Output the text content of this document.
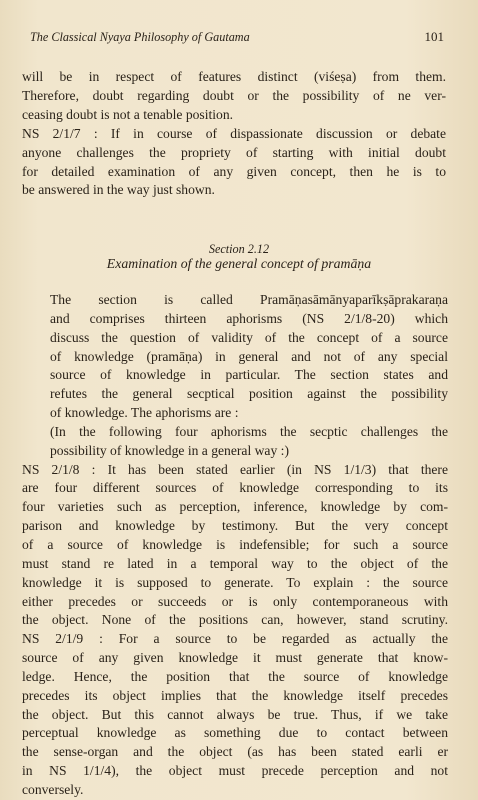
The Classical Nyaya Philosophy of Gautama	101
will be in respect of features distinct (viśeṣa) from them.
Therefore, doubt regarding doubt or the possibility of ne ver-
ceasing doubt is not a tenable position.
NS 2/1/7 : If in course of dispassionate discussion or debate
anyone challenges the propriety of starting with initial doubt
for detailed examination of any given concept, then he is to
be answered in the way just shown.
Section 2.12
Examination of the general concept of pramāṇa
The section is called Pramāṇasāmānyaparīkṣāprakaraṇa
and comprises thirteen aphorisms (NS 2/1/8-20) which
discuss the question of validity of the concept of a source
of knowledge (pramāṇa) in general and not of any special
source of knowledge in particular. The section states and
refutes the general secptical position against the possibility
of knowledge. The aphorisms are :
(In the following four aphorisms the secptic challenges the
possibility of knowledge in a general way :)
NS 2/1/8 : It has been stated earlier (in NS 1/1/3) that there
are four different sources of knowledge corresponding to its
four varieties such as perception, inference, knowledge by com-
parison and knowledge by testimony. But the very concept
of a source of knowledge is indefensible; for such a source
must stand re lated in a temporal way to the object of the
knowledge it is supposed to generate. To explain : the source
either precedes or succeeds or is only contemporaneous with
the object. None of the positions can, however, stand scrutiny.
NS 2/1/9 : For a source to be regarded as actually the
source of any given knowledge it must generate that know-
ledge. Hence, the position that the source of knowledge
precedes its object implies that the knowledge itself precedes
the object. But this cannot always be true. Thus, if we take
perceptual knowledge as something due to contact between
the sense-organ and the object (as has been stated earli er
in NS 1/1/4), the object must precede perception and not
conversely.
